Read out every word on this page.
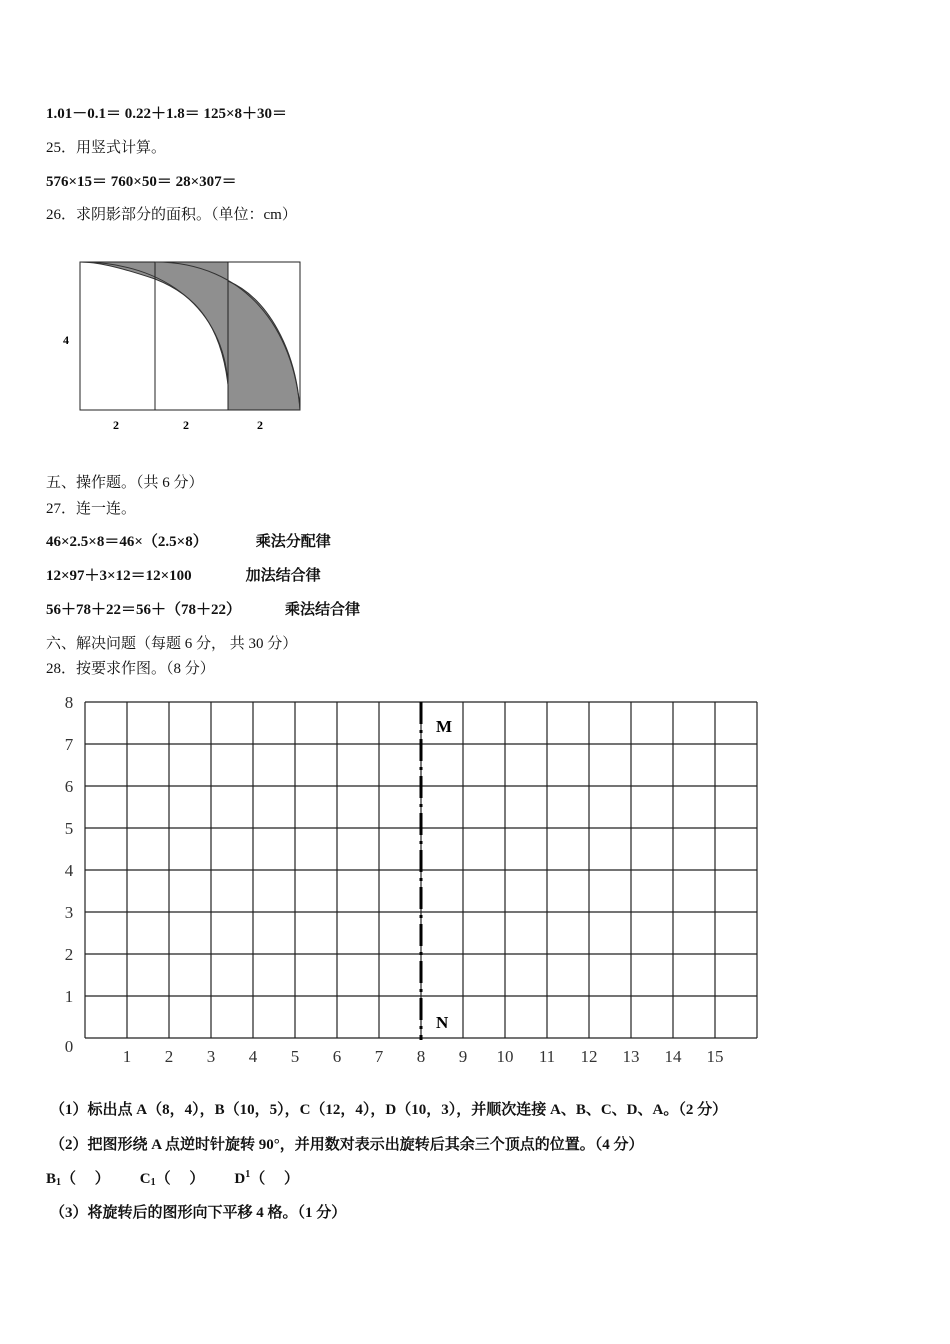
1.01－0.1＝ 0.22＋1.8＝ 125×8＋30＝
25．用竖式计算。
576×15＝ 760×50＝ 28×307＝
26．求阴影部分的面积。（单位：cm）
4
2	2	2
五、操作题。（共 6 分）
27．连一连。
46×2.5×8＝46×（2.5×8）	乘法分配律
12×97＋3×12＝12×100	加法结合律
56＋78＋22＝56＋（78＋22）	乘法结合律
六、解决问题（每题 6 分， 共 30 分）
28．按要求作图。（8 分）
1 2 3 4 5 6 7 8 9 10 11 12 13 14 15
0
1
2
3
4
5
6
7
8
M
N
（1）标出点 A（8，4），B（10，5），C（12，4），D（10，3），并顺次连接 A、B、C、D、A。（2 分）
（2）把图形绕 A 点逆时针旋转 90°，并用数对表示出旋转后其余三个顶点的位置。（4 分）
$B_1$（　 ） $C_1$（　 ） $D^1$（　 ）
（3）将旋转后的图形向下平移 4 格。（1 分）
